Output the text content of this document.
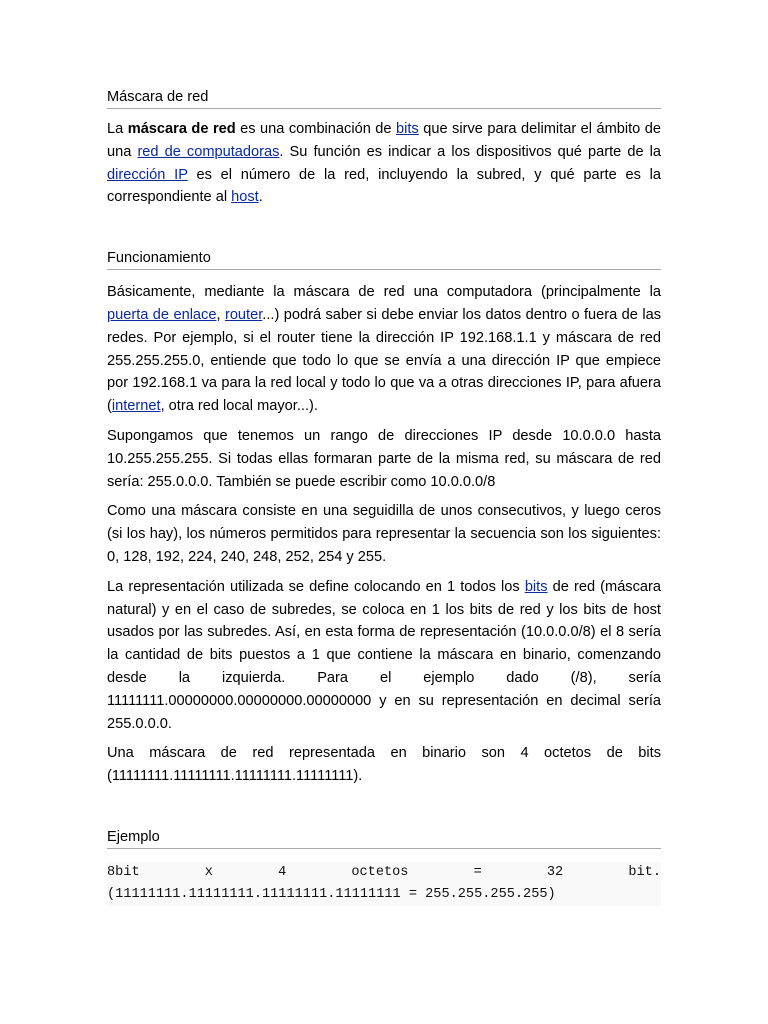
Máscara de red

La máscara de red es una combinación de bits que sirve para delimitar el ámbito de una red de computadoras. Su función es indicar a los dispositivos qué parte de la dirección IP es el número de la red, incluyendo la subred, y qué parte es la correspondiente al host.

Funcionamiento

Básicamente, mediante la máscara de red una computadora (principalmente la puerta de enlace, router...) podrá saber si debe enviar los datos dentro o fuera de las redes. Por ejemplo, si el router tiene la dirección IP 192.168.1.1 y máscara de red 255.255.255.0, entiende que todo lo que se envía a una dirección IP que empiece por 192.168.1 va para la red local y todo lo que va a otras direcciones IP, para afuera (internet, otra red local mayor...).

Supongamos que tenemos un rango de direcciones IP desde 10.0.0.0 hasta 10.255.255.255. Si todas ellas formaran parte de la misma red, su máscara de red sería: 255.0.0.0. También se puede escribir como 10.0.0.0/8

Como una máscara consiste en una seguidilla de unos consecutivos, y luego ceros (si los hay), los números permitidos para representar la secuencia son los siguientes: 0, 128, 192, 224, 240, 248, 252, 254 y 255.

La representación utilizada se define colocando en 1 todos los bits de red (máscara natural) y en el caso de subredes, se coloca en 1 los bits de red y los bits de host usados por las subredes. Así, en esta forma de representación (10.0.0.0/8) el 8 sería la cantidad de bits puestos a 1 que contiene la máscara en binario, comenzando desde la izquierda. Para el ejemplo dado (/8), sería 11111111.00000000.00000000.00000000 y en su representación en decimal sería 255.0.0.0.

Una máscara de red representada en binario son 4 octetos de bits (11111111.11111111.11111111.11111111).

Ejemplo
8bit	x	4	octetos	=	32	bit.
(11111111.11111111.11111111.11111111 = 255.255.255.255)
